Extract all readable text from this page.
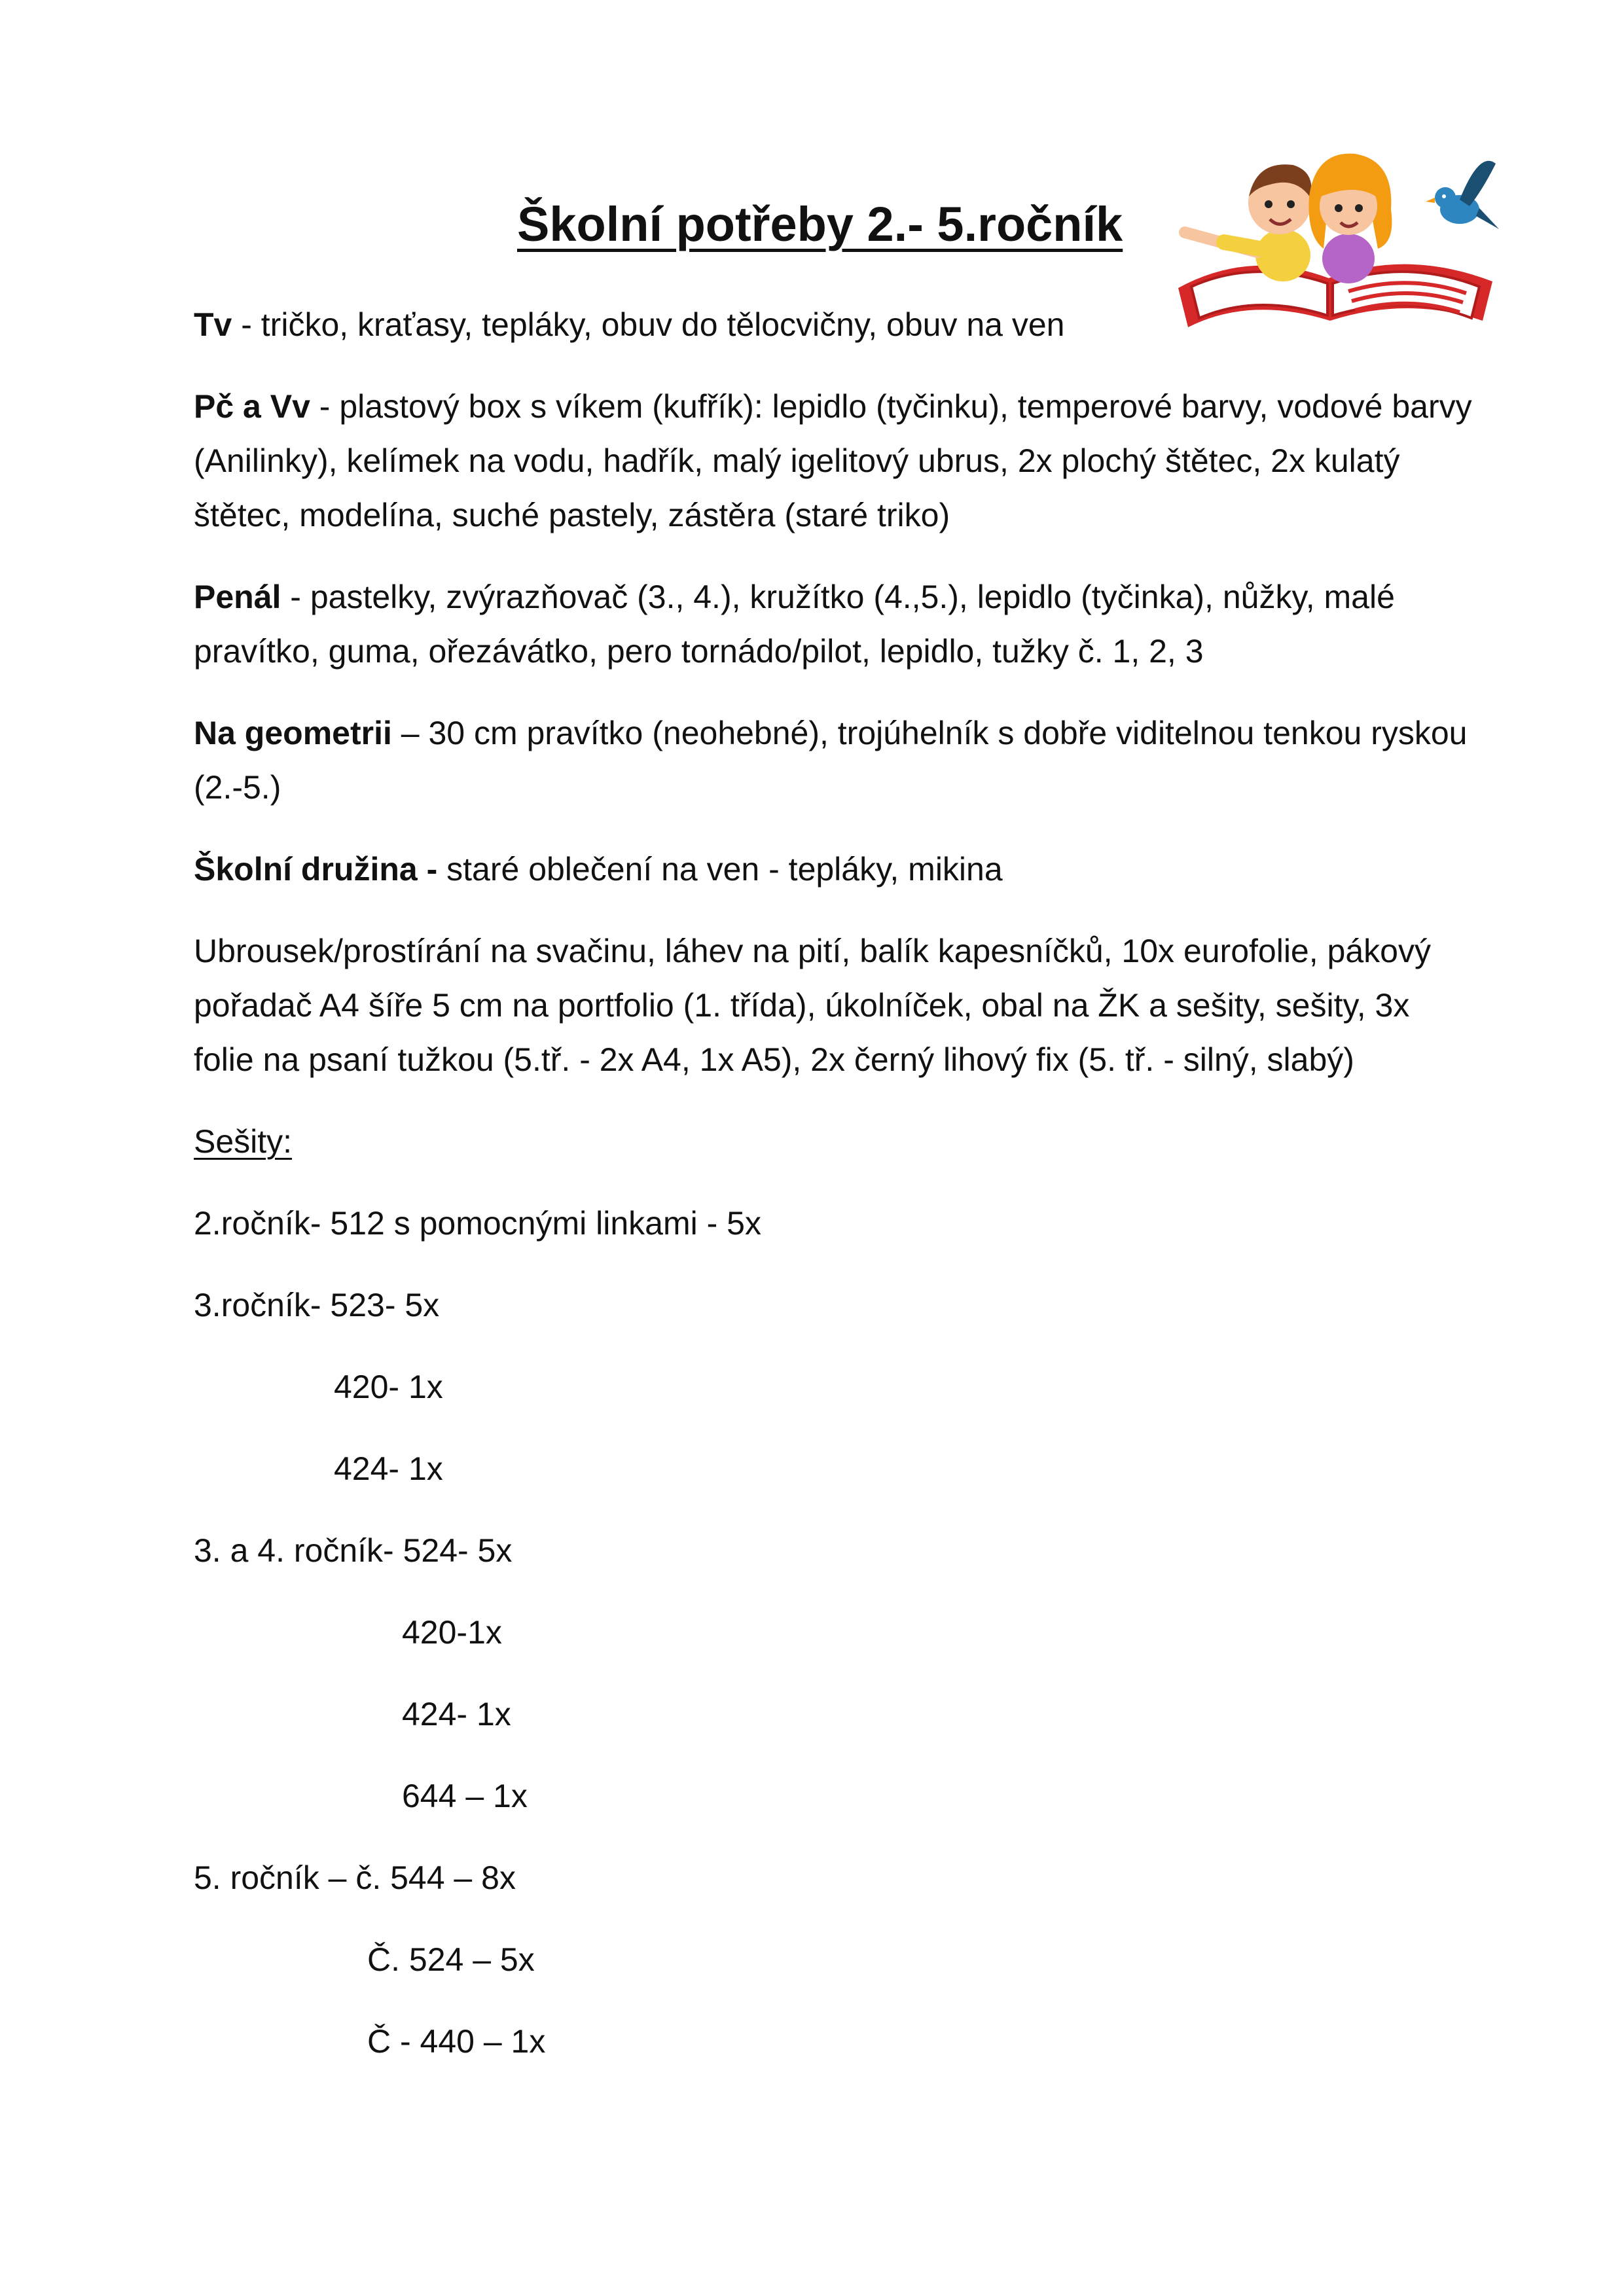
Školní potřeby 2.- 5.ročník

Tv - tričko, kraťasy, tepláky, obuv do tělocvičny, obuv na ven

Pč a Vv - plastový box s víkem (kufřík): lepidlo (tyčinku), temperové barvy, vodové barvy (Anilinky), kelímek na vodu, hadřík, malý igelitový ubrus, 2x plochý štětec, 2x kulatý štětec, modelína, suché pastely, zástěra (staré triko)

Penál - pastelky, zvýrazňovač (3., 4.), kružítko (4.,5.), lepidlo (tyčinka), nůžky, malé pravítko, guma, ořezávátko, pero tornádo/pilot, lepidlo, tužky č. 1, 2, 3

Na geometrii – 30 cm pravítko (neohebné), trojúhelník s dobře viditelnou tenkou ryskou (2.-5.)

Školní družina - staré oblečení na ven - tepláky, mikina

Ubrousek/prostírání na svačinu, láhev na pití, balík kapesníčků, 10x eurofolie, pákový pořadač A4 šíře 5 cm na portfolio (1. třída), úkolníček, obal na ŽK a sešity, sešity, 3x folie na psaní tužkou (5.tř. - 2x A4, 1x A5), 2x černý lihový fix (5. tř. - silný, slabý)

Sešity:

2.ročník- 512 s pomocnými linkami - 5x

3.ročník- 523- 5x

420- 1x

424- 1x

3. a 4. ročník- 524- 5x

420-1x

424- 1x

644 – 1x

5. ročník – č. 544 – 8x

Č. 524 – 5x

Č - 440 – 1x
